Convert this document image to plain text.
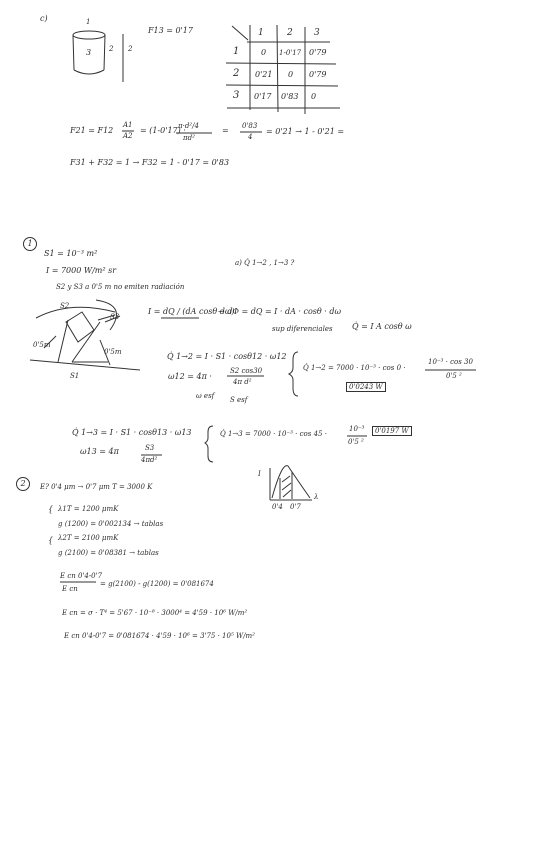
c)	1
3	2 2
F13 = 0'17	1	2 3
1	0 1-0'17 0'79
2 0'21 0 0'79
3 0'17 0'83 0
F21 = F12
A1
A2
= (1-0'17) ·
π·d²/4
πd²
= 0'83
4
= 0'21 → 1 - 0'21 =
F31 + F32 = 1 → F32 = 1 - 0'17 = 0'83
1
S1 = 10⁻³ m²
I = 7000 W/m² sr
S2 y S3 a 0'5 m no emiten radiación
a) Q̇ 1→2 , 1→3 ?
S2
S3
S1
0'5m
0'5m
I = dQ / (dA cosθ dω)
→ dΦ = dQ = I · dA · cosθ · dω
sup diferenciales Q̇ = I A cosθ ω
Q̇ 1→2 = I · S1 · cosθ12 · ω12
ω12 = 4π ·
S2 cos30
4π d²
ω esf S esf
Q̇ 1→2 = 7000 · 10⁻³ · cos 0 ·
10⁻³ · cos 30
0'5 ²
0'0243 W
Q̇ 1→3 = I · S1 · cosθ13 · ω13
ω13 = 4π	S3
4πd²
Q̇ 1→3 = 7000 · 10⁻³ · cos 45 ·
10⁻³
0'5 ²
0'0197 W
2	E? 0'4 μm → 0'7 μm T = 3000 K
I
λ
0'4 0'7
{ λ1T = 1200 μmK
g (1200) = 0'002134 → tablas
{ λ2T = 2100 μmK
g (2100) = 0'08381 → tablas
E cn 0'4-0'7
E cn
= g(2100) - g(1200) = 0'081674
E cn = σ · T⁴ = 5'67 · 10⁻⁸ · 3000⁴ = 4'59 · 10⁶ W/m²
E cn 0'4-0'7 = 0'081674 · 4'59 · 10⁶ = 3'75 · 10⁵ W/m²
